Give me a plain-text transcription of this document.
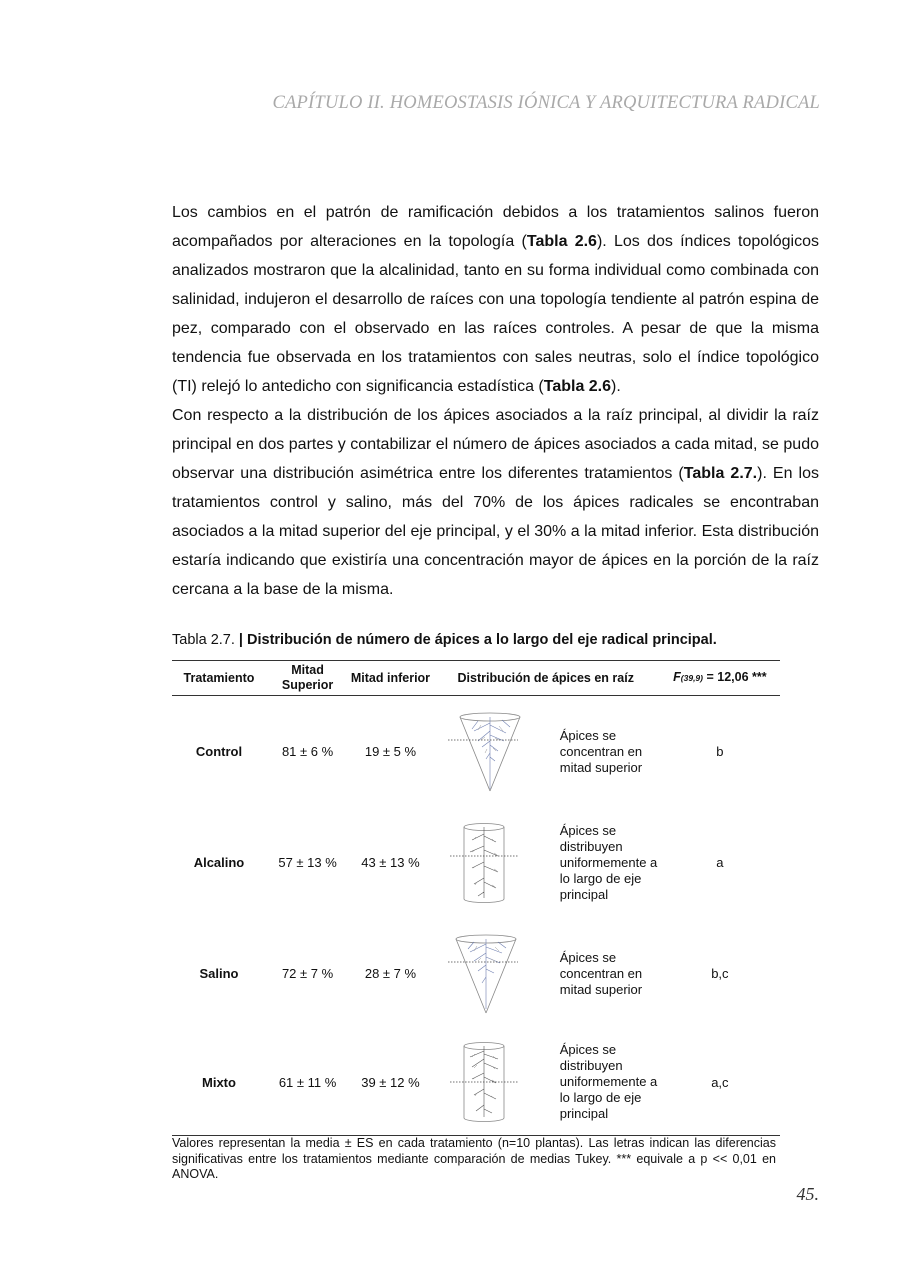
CAPÍTULO II. HOMEOSTASIS IÓNICA Y ARQUITECTURA RADICAL

Los cambios en el patrón de ramificación debidos a los tratamientos salinos fueron acompañados por alteraciones en la topología (Tabla 2.6). Los dos índices topológicos analizados mostraron que la alcalinidad, tanto en su forma individual como combinada con salinidad, indujeron el desarrollo de raíces con una topología tendiente al patrón espina de pez, comparado con el observado en las raíces controles. A pesar de que la misma tendencia fue observada en los tratamientos con sales neutras, solo el índice topológico (TI) relejó lo antedicho con significancia estadística (Tabla 2.6).

Con respecto a la distribución de los ápices asociados a la raíz principal, al dividir la raíz principal en dos partes y contabilizar el número de ápices asociados a cada mitad, se pudo observar una distribución asimétrica entre los diferentes tratamientos (Tabla 2.7.). En los tratamientos control y salino, más del 70% de los ápices radicales se encontraban asociados a la mitad superior del eje principal, y el 30% a la mitad inferior. Esta distribución estaría indicando que existiría una concentración mayor de ápices en la porción de la raíz cercana a la base de la misma.

Tabla 2.7. | Distribución de número de ápices a lo largo del eje radical principal.
Tratamiento	Mitad Superior	Mitad inferior	Distribución de ápices en raíz	F(39,9) = 12,06 ***
Control	81 ± 6 %	19 ± 5 %	Ápices se concentran en mitad superior	b
Alcalino	57 ± 13 %	43 ± 13 %	Ápices se distribuyen uniformemente a lo largo de eje principal	a
Salino	72 ± 7 %	28 ± 7 %	Ápices se concentran en mitad superior	b,c
Mixto	61 ± 11 %	39 ± 12 %	Ápices se distribuyen uniformemente a lo largo de eje principal	a,c
Valores representan la media ± ES en cada tratamiento (n=10 plantas). Las letras indican las diferencias significativas entre los tratamientos mediante comparación de medias Tukey. *** equivale a p << 0,01 en ANOVA.
45.
